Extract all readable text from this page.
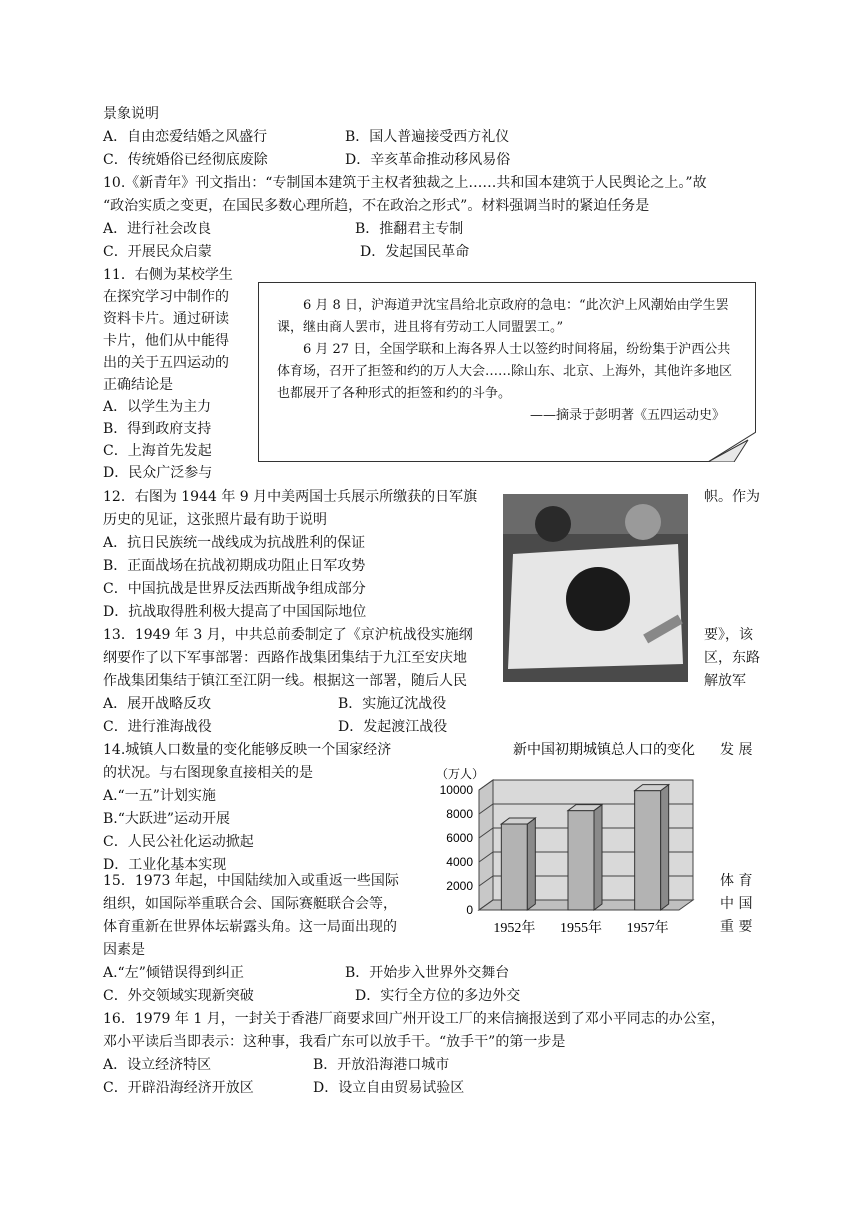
景象说明
A．自由恋爱结婚之风盛行	B．国人普遍接受西方礼仪
C．传统婚俗已经彻底废除	D．辛亥革命推动移风易俗
10.《新青年》刊文指出：“专制国本建筑于主权者独裁之上……共和国本建筑于人民舆论之上。”故
“政治实质之变更，在国民多数心理所趋，不在政治之形式”。材料强调当时的紧迫任务是
A．进行社会改良	B．推翻君主专制
C．开展民众启蒙	D．发起国民革命
11．右侧为某校学生
在探究学习中制作的
资料卡片。通过研读
卡片，他们从中能得
出的关于五四运动的
正确结论是
A．以学生为主力
B．得到政府支持
C．上海首先发起
D．民众广泛参与

6 月 8 日，沪海道尹沈宝昌给北京政府的急电：“此次沪上风潮始由学生罢课，继由商人罢市，进且将有劳动工人同盟罢工。”

6 月 27 日，全国学联和上海各界人士以签约时间将届，纷纷集于沪西公共体育场，召开了拒签和约的万人大会……除山东、北京、上海外，其他许多地区也都展开了各种形式的拒签和约的斗争。

——摘录于彭明著《五四运动史》

12．右图为 1944 年 9 月中美两国士兵展示所缴获的日军旗	帜。作为
历史的见证，这张照片最有助于说明
A．抗日民族统一战线成为抗战胜利的保证
B．正面战场在抗战初期成功阻止日军攻势
C．中国抗战是世界反法西斯战争组成部分
D．抗战取得胜利极大提高了中国国际地位
13．1949 年 3 月，中共总前委制定了《京沪杭战役实施纲	要》，该
纲要作了以下军事部署：西路作战集团集结于九江至安庆地	区，东路
作战集团集结于镇江至江阴一线。根据这一部署，随后人民	解放军
A．展开战略反攻	B．实施辽沈战役
C．进行淮海战役	D．发起渡江战役
14.城镇人口数量的变化能够反映一个国家经济	发 展
的状况。与右图现象直接相关的是
A.“一五”计划实施
B.“大跃进”运动开展
C．人民公社化运动掀起
D．工业化基本实现
新中国初期城镇总人口的变化
（万人）
0
2000
4000
6000
8000
10000
1952年 1955年 1957年
15．1973 年起，中国陆续加入或重返一些国际	体 育
组织，如国际举重联合会、国际赛艇联合会等，	中 国
体育重新在世界体坛崭露头角。这一局面出现的	重 要
因素是
A.“左”倾错误得到纠正	B．开始步入世界外交舞台
C．外交领域实现新突破	D．实行全方位的多边外交
16．1979 年 1 月，一封关于香港厂商要求回广州开设工厂的来信摘报送到了邓小平同志的办公室，
邓小平读后当即表示：这种事，我看广东可以放手干。“放手干”的第一步是
A．设立经济特区	B．开放沿海港口城市
C．开辟沿海经济开放区	D．设立自由贸易试验区
